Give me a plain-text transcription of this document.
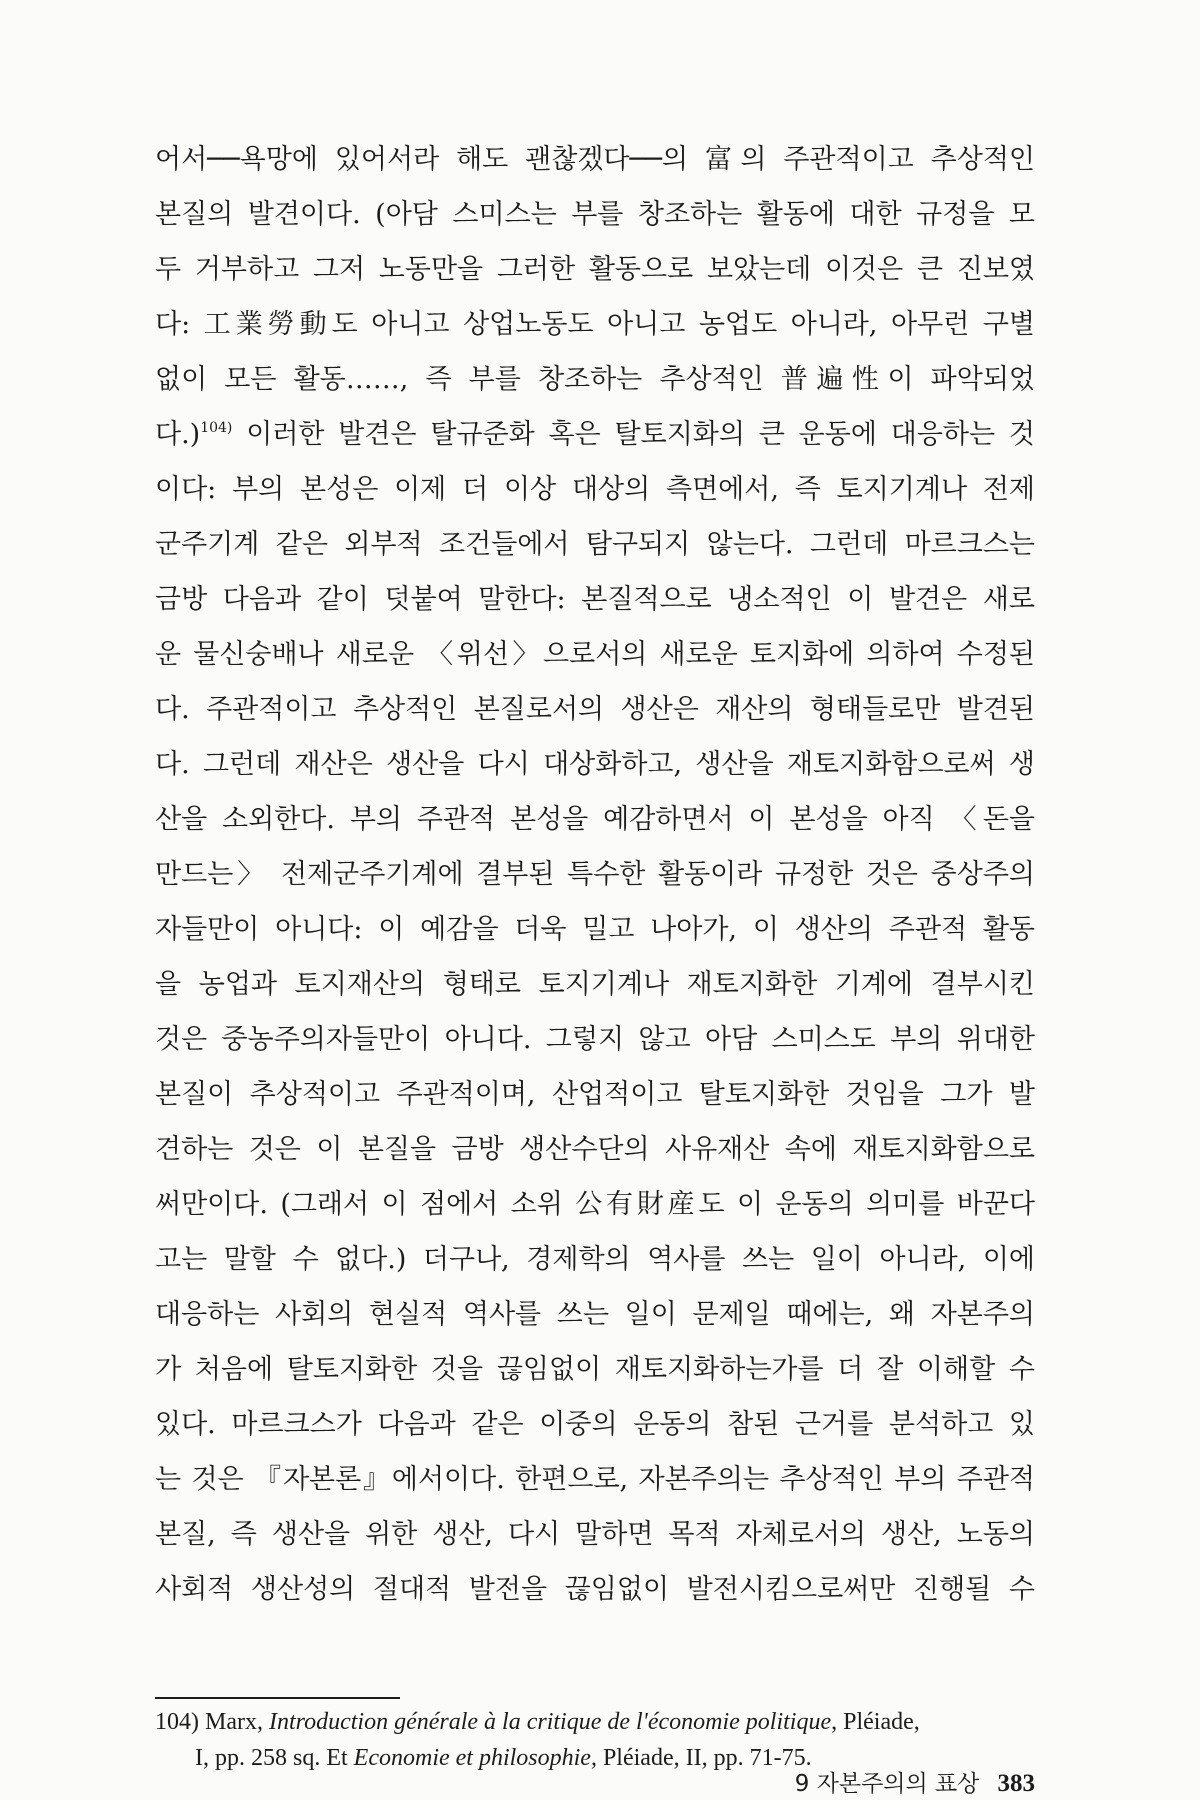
어서──욕망에 있어서라 해도 괜찮겠다──의 富의 주관적이고 추상적인
본질의 발견이다. (아담 스미스는 부를 창조하는 활동에 대한 규정을 모
두 거부하고 그저 노동만을 그러한 활동으로 보았는데 이것은 큰 진보였
다: 工業勞動도 아니고 상업노동도 아니고 농업도 아니라, 아무런 구별
없이 모든 활동……, 즉 부를 창조하는 추상적인 普遍性이 파악되었
다.)$^{104)}$ 이러한 발견은 탈규준화 혹은 탈토지화의 큰 운동에 대응하는 것
이다: 부의 본성은 이제 더 이상 대상의 측면에서, 즉 토지기계나 전제
군주기계 같은 외부적 조건들에서 탐구되지 않는다. 그런데 마르크스는
금방 다음과 같이 덧붙여 말한다: 본질적으로 냉소적인 이 발견은 새로
운 물신숭배나 새로운 〈위선〉으로서의 새로운 토지화에 의하여 수정된
다. 주관적이고 추상적인 본질로서의 생산은 재산의 형태들로만 발견된
다. 그런데 재산은 생산을 다시 대상화하고, 생산을 재토지화함으로써 생
산을 소외한다. 부의 주관적 본성을 예감하면서 이 본성을 아직 〈돈을
만드는〉 전제군주기계에 결부된 특수한 활동이라 규정한 것은 중상주의
자들만이 아니다: 이 예감을 더욱 밀고 나아가, 이 생산의 주관적 활동
을 농업과 토지재산의 형태로 토지기계나 재토지화한 기계에 결부시킨
것은 중농주의자들만이 아니다. 그렇지 않고 아담 스미스도 부의 위대한
본질이 추상적이고 주관적이며, 산업적이고 탈토지화한 것임을 그가 발
견하는 것은 이 본질을 금방 생산수단의 사유재산 속에 재토지화함으로
써만이다. (그래서 이 점에서 소위 公有財産도 이 운동의 의미를 바꾼다
고는 말할 수 없다.) 더구나, 경제학의 역사를 쓰는 일이 아니라, 이에
대응하는 사회의 현실적 역사를 쓰는 일이 문제일 때에는, 왜 자본주의
가 처음에 탈토지화한 것을 끊임없이 재토지화하는가를 더 잘 이해할 수
있다. 마르크스가 다음과 같은 이중의 운동의 참된 근거를 분석하고 있
는 것은 『자본론』에서이다. 한편으로, 자본주의는 추상적인 부의 주관적
본질, 즉 생산을 위한 생산, 다시 말하면 목적 자체로서의 생산, 노동의
사회적 생산성의 절대적 발전을 끊임없이 발전시킴으로써만 진행될 수
104) Marx, Introduction générale à la critique de l'économie politique, Pléiade,
I, pp. 258 sq. Et Economie et philosophie, Pléiade, II, pp. 71-75.
9 자본주의의 표상 383
